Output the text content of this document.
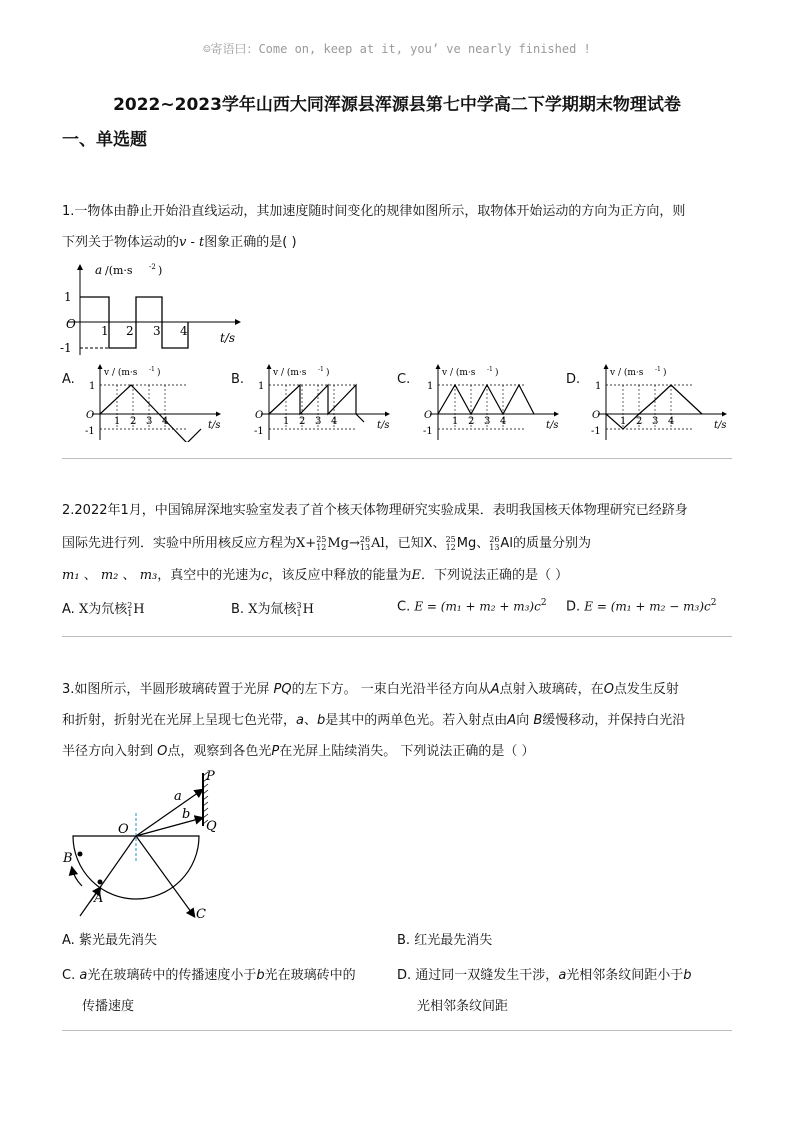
☺寄语曰：Come on, keep at it, you’ ve nearly finished !
2022~2023学年山西大同浑源县浑源县第七中学高二下学期期末物理试卷
一、单选题
1.一物体由静止开始沿直线运动，其加速度随时间变化的规律如图所示，取物体开始运动的方向为正方向，则
下列关于物体运动的v - t图象正确的是( )
a /(m·s -2 )
1
O
-1
1 2 3 4	t/s
A.	B.	C.	D.
1 2 3 4
v / (m·s -1 )
1
O
-1
t/s	1 2 3 4
v / (m·s -1 )
1
O
-1
t/s	1 2 3 4
v / (m·s -1 )
1
O
-1
t/s	1 2 3 4
v / (m·s -1 )
1
O
-1
t/s
2.2022年1月，中国锦屏深地实验室发表了首个核天体物理研究实验成果．表明我国核天体物理研究已经跻身
国际先进行列．实验中所用核反应方程为X+ 25
12 Mg→ 26
13 Al，已知X、 25
12 Mg、 26
13 Al的质量分别为
m₁ 、 m₂ 、 m₃，真空中的光速为c，该反应中释放的能量为E．下列说法正确的是（ ）
A. X为氘核 2
1 H	B. X为氚核 3
1 H	C. $E = (m_1 + m_2 + m_3)c^2$ D. $E = (m_1 + m_2 - m_3)c^2$
3.如图所示，半圆形玻璃砖置于光屏 PQ的左下方。 一束白光沿半径方向从A点射入玻璃砖，在O点发生反射
和折射，折射光在光屏上呈现七色光带，a、b是其中的两单色光。若入射点由A向 B缓慢移动，并保持白光沿
半径方向入射到 O点，观察到各色光P在光屏上陆续消失。 下列说法正确的是（ ）
P
Q
O
a
b
A
B
C
A. 紫光最先消失	B. 红光最先消失
C. a光在玻璃砖中的传播速度小于b光在玻璃砖中的
传播速度
D. 通过同一双缝发生干涉，a光相邻条纹间距小于b
光相邻条纹间距
